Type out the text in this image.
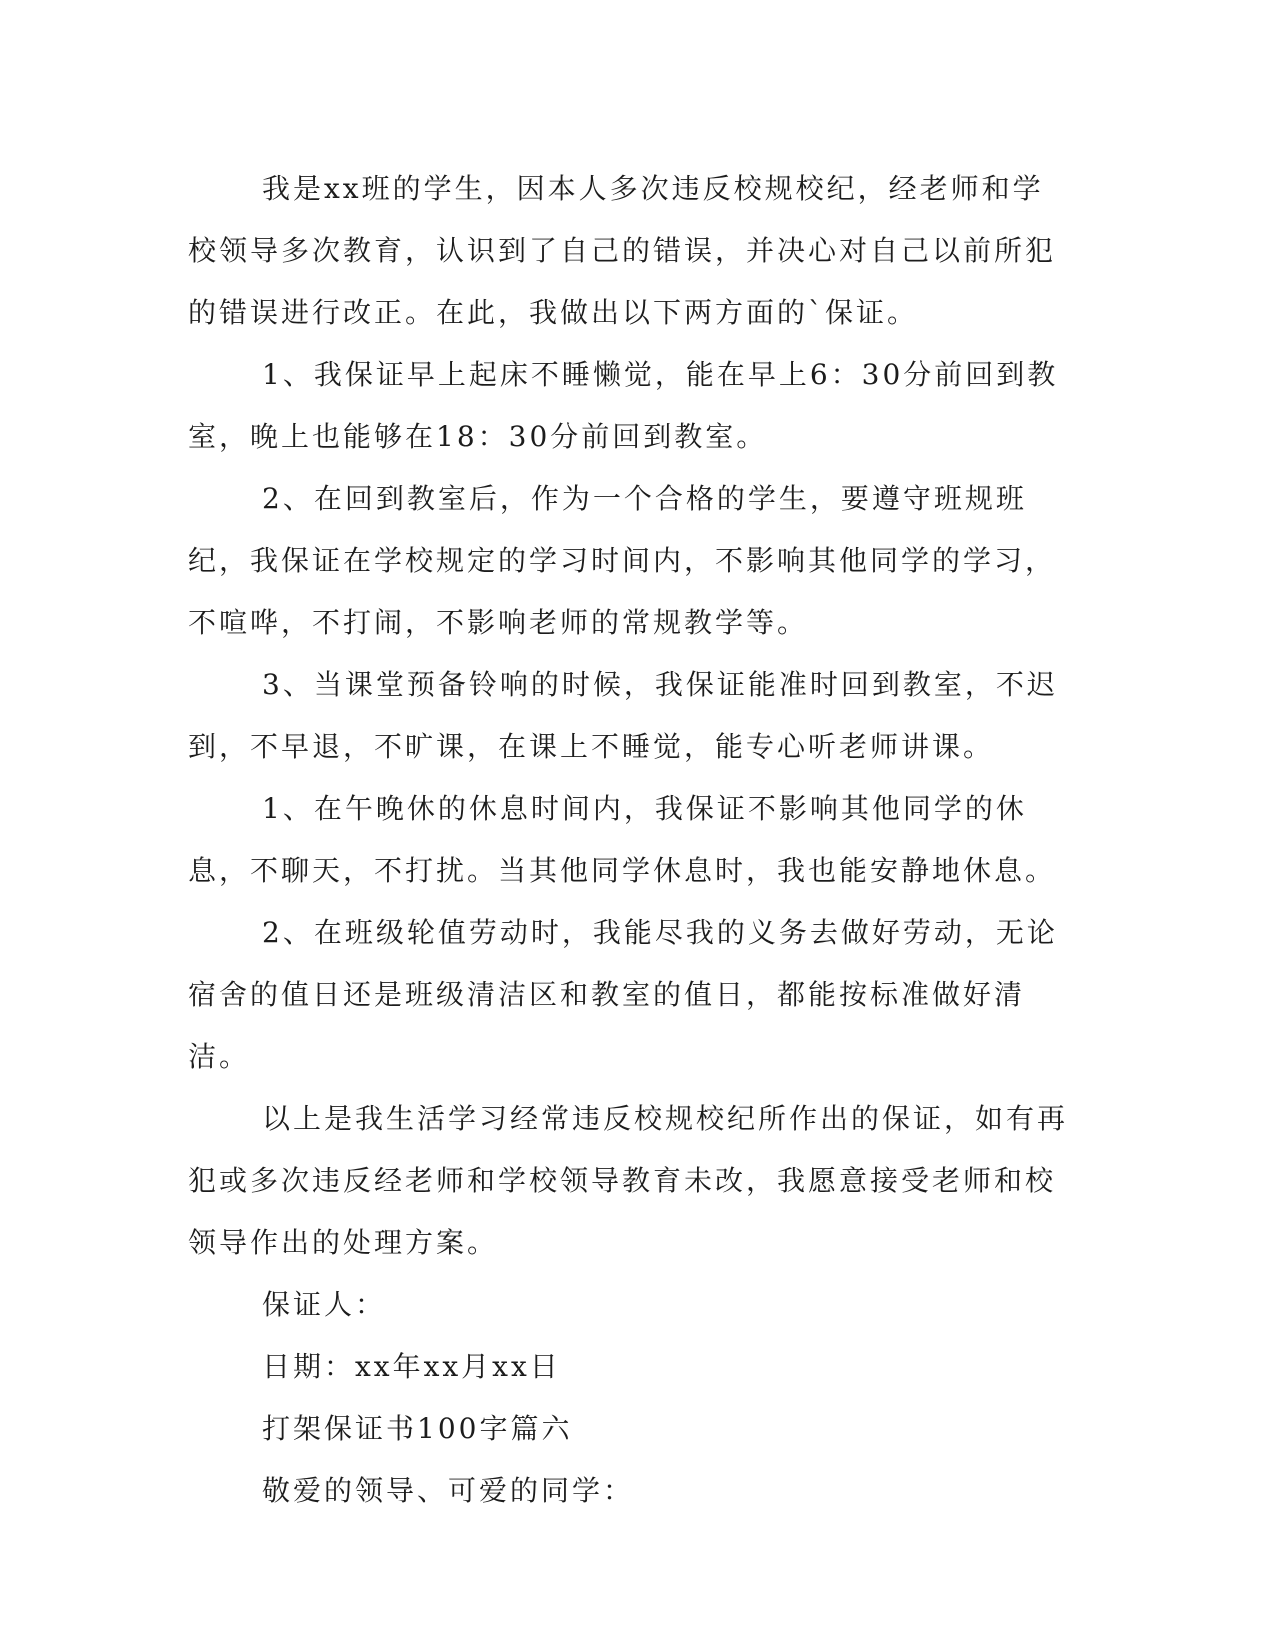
我是xx班的学生，因本人多次违反校规校纪，经老师和学校领导多次教育，认识到了自己的错误，并决心对自己以前所犯的错误进行改正。在此，我做出以下两方面的`保证。

1、我保证早上起床不睡懒觉，能在早上6：30分前回到教室，晚上也能够在18：30分前回到教室。

2、在回到教室后，作为一个合格的学生，要遵守班规班纪，我保证在学校规定的学习时间内，不影响其他同学的学习，不喧哗，不打闹，不影响老师的常规教学等。

3、当课堂预备铃响的时候，我保证能准时回到教室，不迟到，不早退，不旷课，在课上不睡觉，能专心听老师讲课。

1、在午晚休的休息时间内，我保证不影响其他同学的休息，不聊天，不打扰。当其他同学休息时，我也能安静地休息。

2、在班级轮值劳动时，我能尽我的义务去做好劳动，无论宿舍的值日还是班级清洁区和教室的值日，都能按标准做好清洁。

以上是我生活学习经常违反校规校纪所作出的保证，如有再犯或多次违反经老师和学校领导教育未改，我愿意接受老师和校领导作出的处理方案。

保证人：

日期：xx年xx月xx日

打架保证书100字篇六

敬爱的领导、可爱的同学：
